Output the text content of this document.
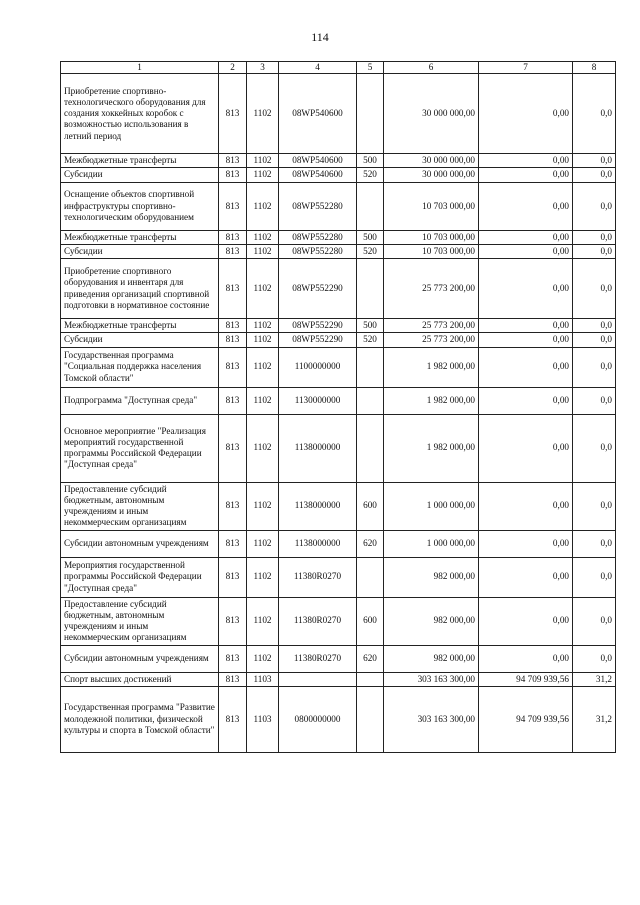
114
1	2	3	4	5	6	7	8
Приобретение спортивно-технологического оборудования для создания хоккейных коробок с возможностью использования в летний период	813	1102	08WP540600		30 000 000,00	0,00	0,0
Межбюджетные трансферты	813	1102	08WP540600	500	30 000 000,00	0,00	0,0
Субсидии	813	1102	08WP540600	520	30 000 000,00	0,00	0,0
Оснащение объектов спортивной инфраструктуры спортивно-технологическим оборудованием	813	1102	08WP552280		10 703 000,00	0,00	0,0
Межбюджетные трансферты	813	1102	08WP552280	500	10 703 000,00	0,00	0,0
Субсидии	813	1102	08WP552280	520	10 703 000,00	0,00	0,0
Приобретение спортивного оборудования и инвентаря для приведения организаций спортивной подготовки в нормативное состояние	813	1102	08WP552290		25 773 200,00	0,00	0,0
Межбюджетные трансферты	813	1102	08WP552290	500	25 773 200,00	0,00	0,0
Субсидии	813	1102	08WP552290	520	25 773 200,00	0,00	0,0
Государственная программа "Социальная поддержка населения Томской области"	813	1102	1100000000		1 982 000,00	0,00	0,0
Подпрограмма "Доступная среда"	813	1102	1130000000		1 982 000,00	0,00	0,0
Основное мероприятие "Реализация мероприятий государственной программы Российской Федерации "Доступная среда"	813	1102	1138000000		1 982 000,00	0,00	0,0
Предоставление субсидий бюджетным, автономным учреждениям и иным некоммерческим организациям	813	1102	1138000000	600	1 000 000,00	0,00	0,0
Субсидии автономным учреждениям	813	1102	1138000000	620	1 000 000,00	0,00	0,0
Мероприятия государственной программы Российской Федерации "Доступная среда"	813	1102	11380R0270		982 000,00	0,00	0,0
Предоставление субсидий бюджетным, автономным учреждениям и иным некоммерческим организациям	813	1102	11380R0270	600	982 000,00	0,00	0,0
Субсидии автономным учреждениям	813	1102	11380R0270	620	982 000,00	0,00	0,0
Спорт высших достижений	813	1103			303 163 300,00	94 709 939,56	31,2
Государственная программа "Развитие молодежной политики, физической культуры и спорта в Томской области"	813	1103	0800000000		303 163 300,00	94 709 939,56	31,2
